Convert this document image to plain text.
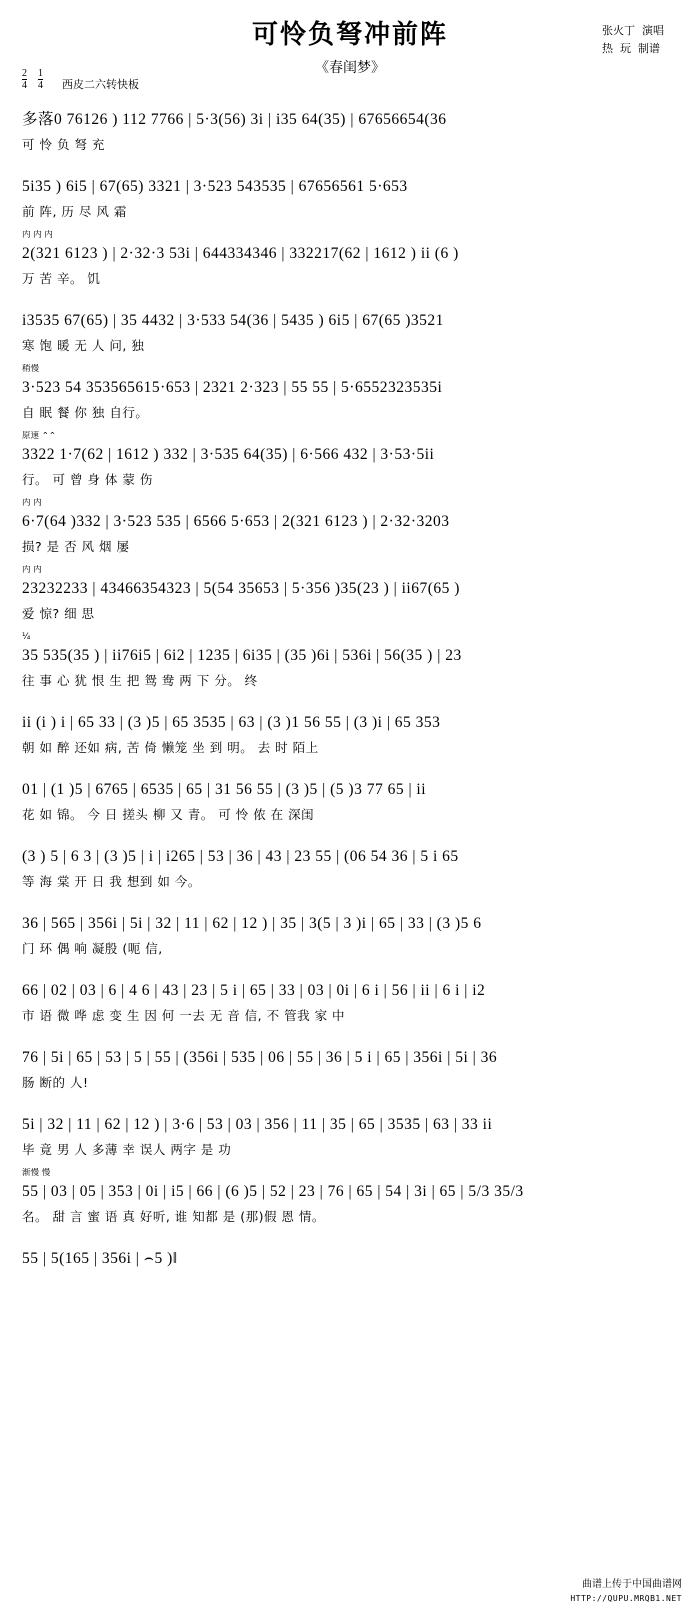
可怜负弩冲前阵
《春闺梦》
张火丁  演唱
热  玩  制谱
$\frac{2}{4}$
$\frac{1}{4}$ 西皮二六转快板
多落0 76126 ) 112 7766 | 5·3(56) 3i | i35 64(35) | 67656654(36
可 怜 负 弩 充
5i35 ) 6i5 | 67(65) 3321 | 3·523 543535 | 67656561 5·653
前 阵, 历 尽 风 霜
内 内 内
2(321 6123 ) | 2·32·3 53i | 644334346 | 332217(62 | 1612 ) ii (6 )
万 苦 辛。 饥
i3535 67(65) | 35 4432 | 3·533 54(36 | 5435 ) 6i5 | 67(65 )3521
寒 饱 暖 无 人 问, 独
稍慢
3·523 54 353565615·653 | 2321 2·323 | 55 55 | 5·6552323535i
自 眠 餐 你 独 自行。
原速 ⌃⌃
3322 1·7(62 | 1612 ) 332 | 3·535 64(35) | 6·566 432 | 3·53·5ii
行。 可 曾 身 体 蒙 伤
内 内
6·7(64 )332 | 3·523 535 | 6566 5·653 | 2(321 6123 ) | 2·32·3203
损? 是 否 风 烟 屡
内 内
23232233 | 43466354323 | 5(54 35653 | 5·356 )35(23 ) | ii67(65 )
爱 惊? 细 思
⅟₄
35 535(35 ) | ii76i5 | 6i2 | 1235 | 6i35 | (35 )6i | 536i | 56(35 ) | 23
往 事 心 犹 恨 生 把 鸳 鸯 两 下 分。 终
ii (i ) i | 65 33 | (3 )5 | 65 3535 | 63 | (3 )1 56 55 | (3 )i | 65 353
朝 如 醉 还如 病, 苦 倚 懒笼 坐 到 明。 去 时 陌上
01 | (1 )5 | 6765 | 6535 | 65 | 31 56 55 | (3 )5 | (5 )3 77 65 | ii
花 如 锦。 今 日 搓头 柳 又 青。 可 怜 侬 在 深闺
(3 ) 5 | 6 3 | (3 )5 | i | i265 | 53 | 36 | 43 | 23 55 | (06 54 36 | 5 i 65
等 海 棠 开 日 我 想到 如 今。
36 | 565 | 356i | 5i | 32 | 11 | 62 | 12 ) | 35 | 3(5 | 3 )i | 65 | 33 | (3 )5 6
门 环 偶 响 凝殷 (呃 信,
66 | 02 | 03 | 6 | 4 6 | 43 | 23 | 5 i | 65 | 33 | 03 | 0i | 6 i | 56 | ii | 6 i | i2
市 语 微 哗 虑 变 生 因 何 一去 无 音 信, 不 管我 家 中
76 | 5i | 65 | 53 | 5 | 55 | (356i | 535 | 06 | 55 | 36 | 5 i | 65 | 356i | 5i | 36
肠 断的 人!
5i | 32 | 11 | 62 | 12 ) | 3·6 | 53 | 03 | 356 | 11 | 35 | 65 | 3535 | 63 | 33 ii
毕 竟 男 人 多薄 幸 误人 两字 是 功
渐慢 慢
55 | 03 | 05 | 353 | 0i | i5 | 66 | (6 )5 | 52 | 23 | 76 | 65 | 54 | 3i | 65 | 5/3 35/3
名。 甜 言 蜜 语 真 好听, 谁 知都 是 (那)假 恩 情。
55 | 5(165 | 356i | ⌢5 )‖
曲谱上传于中国曲谱网
HTTP://QUPU.MRQB1.NET
